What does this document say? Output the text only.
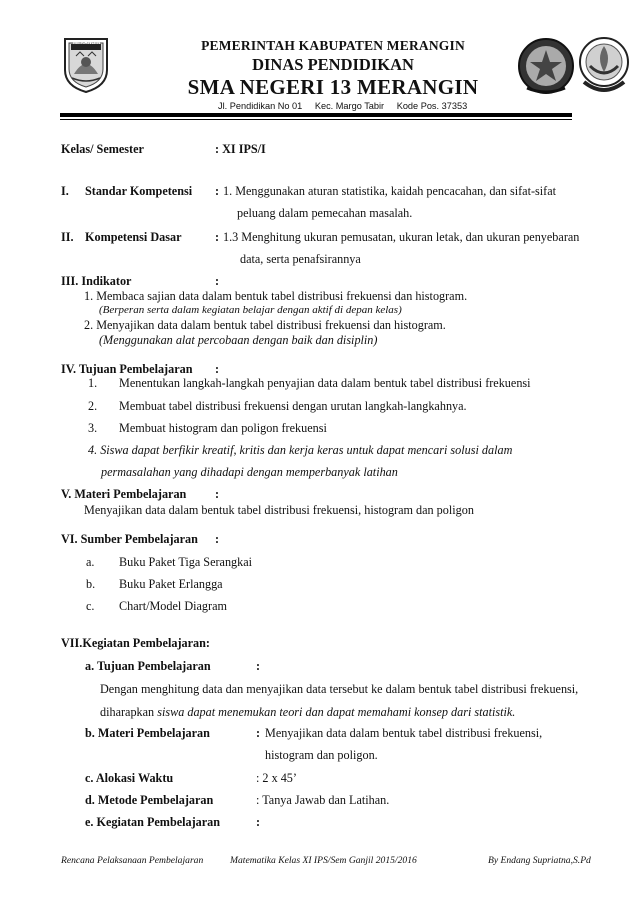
MERANGIN	PEMERINTAH KABUPATEN MERANGIN
DINAS PENDIDIKAN
SMA NEGERI 13 MERANGIN
Jl. Pendidikan No 01 Kec. Margo Tabir Kode Pos. 37353
Kelas/ Semester	: XI IPS/I
I. Standar Kompetensi : 1. Menggunakan aturan statistika, kaidah pencacahan, dan sifat-sifat
peluang dalam pemecahan masalah.
II. Kompetensi Dasar	: 1.3 Menghitung ukuran pemusatan, ukuran letak, dan ukuran penyebaran
data, serta penafsirannya
III. Indikator	:
1. Membaca sajian data dalam bentuk tabel distribusi frekuensi dan histogram.
(Berperan serta dalam kegiatan belajar dengan aktif di depan kelas)
2. Menyajikan data dalam bentuk tabel distribusi frekuensi dan histogram.
(Menggunakan alat percobaan dengan baik dan disiplin)
IV. Tujuan Pembelajaran :
1. Menentukan langkah-langkah penyajian data dalam bentuk tabel distribusi frekuensi
2. Membuat tabel distribusi frekuensi dengan urutan langkah-langkahnya.
3. Membuat histogram dan poligon frekuensi
4. Siswa dapat berfikir kreatif, kritis dan kerja keras untuk dapat mencari solusi dalam
permasalahan yang dihadapi dengan memperbanyak latihan
V. Materi Pembelajaran :
Menyajikan data dalam bentuk tabel distribusi frekuensi, histogram dan poligon
VI. Sumber Pembelajaran :
a. Buku Paket Tiga Serangkai
b. Buku Paket Erlangga
c. Chart/Model Diagram
VII.Kegiatan Pembelajaran:
a. Tujuan Pembelajaran	:
Dengan menghitung data dan menyajikan data tersebut ke dalam bentuk tabel distribusi frekuensi,
diharapkan siswa dapat menemukan teori dan dapat memahami konsep dari statistik.
b. Materi Pembelajaran	: Menyajikan data dalam bentuk tabel distribusi frekuensi,
histogram dan poligon.
c. Alokasi Waktu	: 2 x 45’
d. Metode Pembelajaran	: Tanya Jawab dan Latihan.
e. Kegiatan Pembelajaran	:
Rencana Pelaksanaan Pembelajaran	Matematika Kelas XI IPS/Sem Ganjil 2015/2016	By Endang Supriatna,S.Pd
